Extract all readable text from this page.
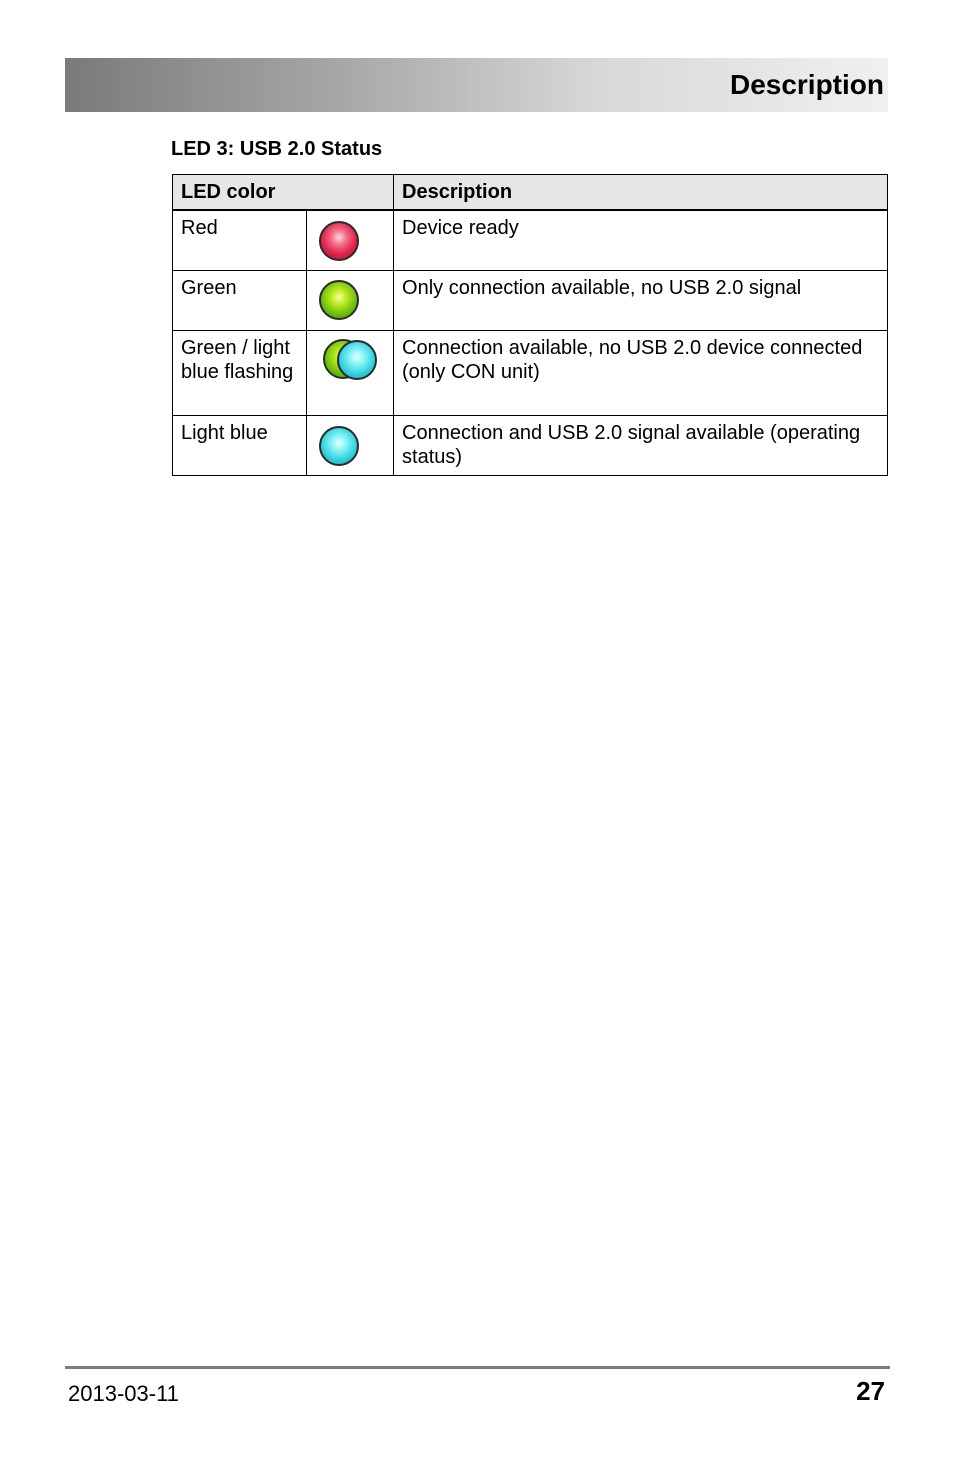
Description
LED 3: USB 2.0 Status
LED color		Description
Red		Device ready
Green		Only connection available, no USB 2.0 signal
Green / light blue flashing		Connection available, no USB 2.0 device connected (only CON unit)
Light blue		Connection and USB 2.0 signal available (operating status)
2013-03-11	27
